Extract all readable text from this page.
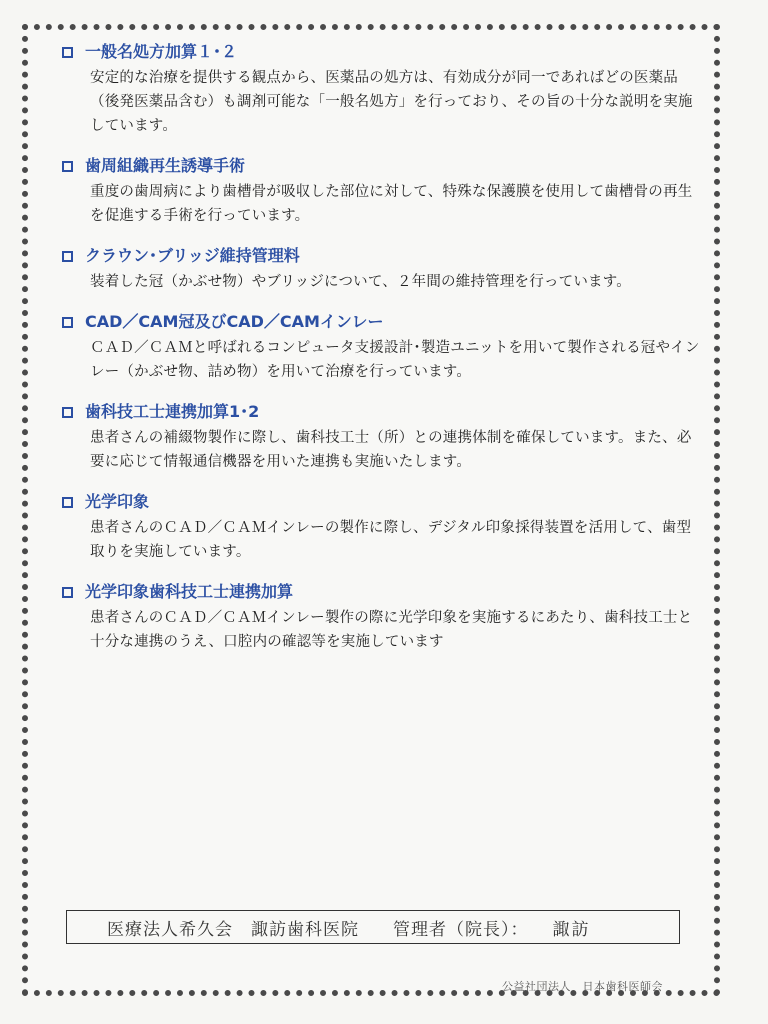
一般名処方加算１･２
安定的な治療を提供する観点から、医薬品の処方は、有効成分が同一であればどの医薬品（後発医薬品含む）も調剤可能な「一般名処方」を行っており、その旨の十分な説明を実施しています。
歯周組織再生誘導手術
重度の歯周病により歯槽骨が吸収した部位に対して、特殊な保護膜を使用して歯槽骨の再生を促進する手術を行っています。
クラウン･ブリッジ維持管理料
装着した冠（かぶせ物）やブリッジについて、２年間の維持管理を行っています。
CAD／CAM冠及びCAD／CAMインレー
ＣＡＤ／ＣＡＭと呼ばれるコンピュータ支援設計･製造ユニットを用いて製作される冠やインレー（かぶせ物、詰め物）を用いて治療を行っています。
歯科技工士連携加算1･2
患者さんの補綴物製作に際し、歯科技工士（所）との連携体制を確保しています。また、必要に応じて情報通信機器を用いた連携も実施いたします。
光学印象
患者さんのＣＡＤ／ＣＡＭインレーの製作に際し、デジタル印象採得装置を活用して、歯型取りを実施しています。
光学印象歯科技工士連携加算
患者さんのＣＡＤ／ＣＡＭインレー製作の際に光学印象を実施するにあたり、歯科技工士と十分な連携のうえ、口腔内の確認等を実施しています
医療法人希久会　諏訪歯科医院 管理者（院長）： 諏訪
公益社団法人　日本歯科医師会
